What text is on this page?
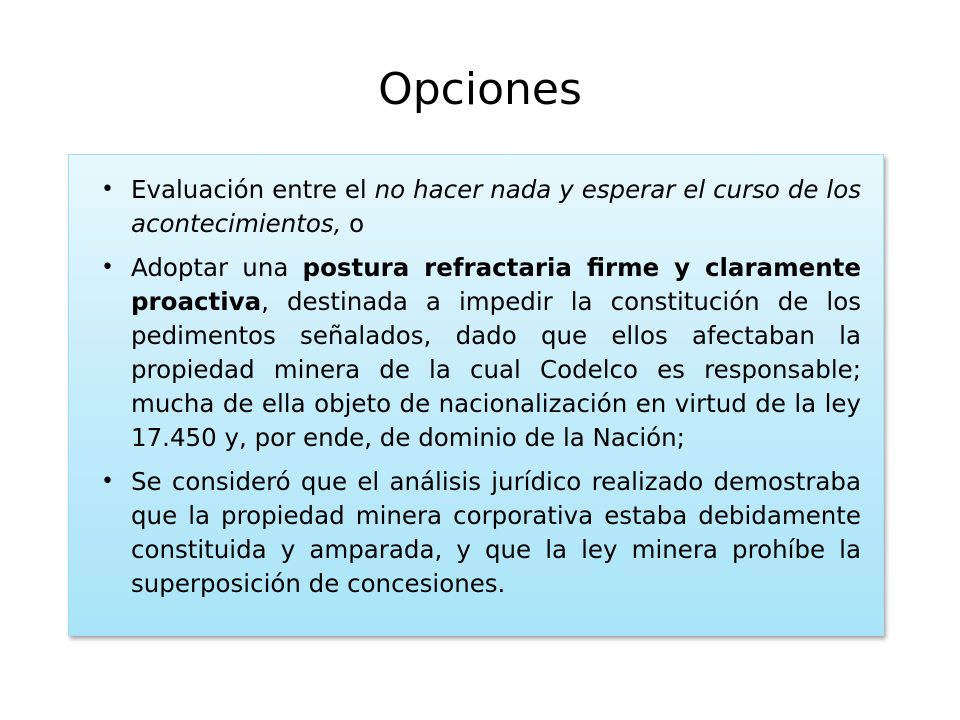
Opciones
• Evaluación entre el no hacer nada y esperar el curso de los acontecimientos, o
• Adoptar una postura refractaria firme y claramente proactiva, destinada a impedir la constitución de los pedimentos señalados, dado que ellos afectaban la propiedad minera de la cual Codelco es responsable; mucha de ella objeto de nacionalización en virtud de la ley 17.450 y, por ende, de dominio de la Nación;
• Se consideró que el análisis jurídico realizado demostraba que la propiedad minera corporativa estaba debidamente constituida y amparada, y que la ley minera prohíbe la superposición de concesiones.
